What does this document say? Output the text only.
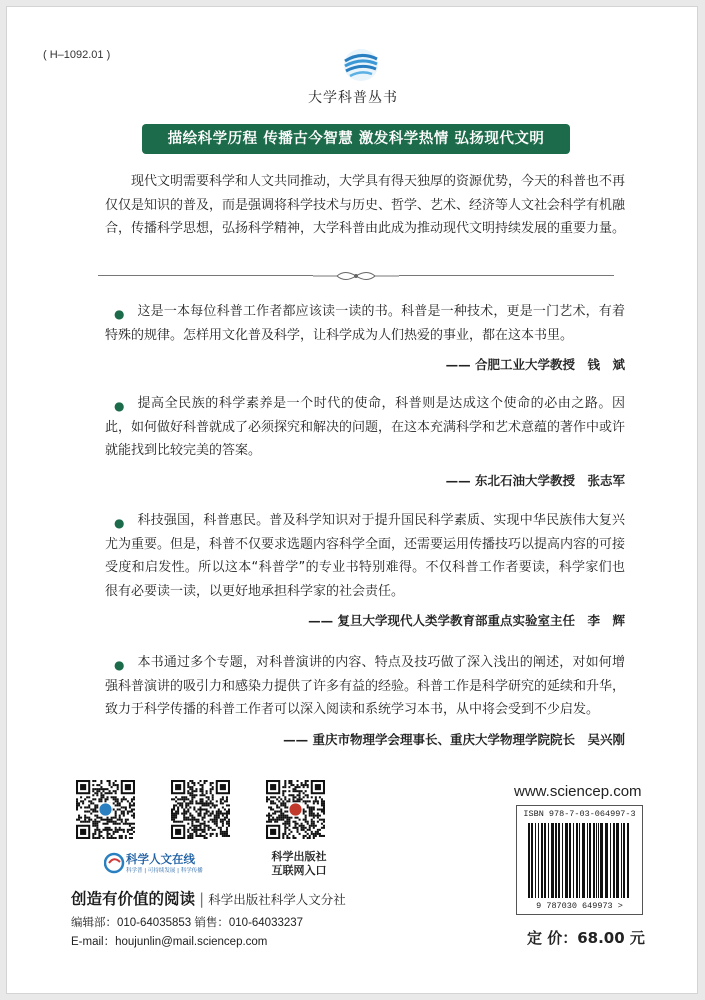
( H–1092.01 )
大学科普丛书
描绘科学历程 传播古今智慧 激发科学热情 弘扬现代文明

现代文明需要科学和人文共同推动，大学具有得天独厚的资源优势，今天的科普也不再仅仅是知识的普及，而是强调将科学技术与历史、哲学、艺术、经济等人文社会科学有机融合，传播科学思想，弘扬科学精神，大学科普由此成为推动现代文明持续发展的重要力量。

●	这是一本每位科普工作者都应该读一读的书。科普是一种技术，更是一门艺术，有着特殊的规律。怎样用文化普及科学，让科学成为人们热爱的事业，都在这本书里。

—— 合肥工业大学教授　钱　斌
●	提高全民族的科学素养是一个时代的使命，科普则是达成这个使命的必由之路。因此，如何做好科普就成了必须探究和解决的问题，在这本充满科学和艺术意蕴的著作中或许就能找到比较完美的答案。

—— 东北石油大学教授　张志军
●	科技强国，科普惠民。普及科学知识对于提升国民科学素质、实现中华民族伟大复兴尤为重要。但是，科普不仅要求选题内容科学全面，还需要运用传播技巧以提高内容的可接受度和启发性。所以这本“科普学”的专业书特别难得。不仅科普工作者要读，科学家们也很有必要读一读，以更好地承担科学家的社会责任。

—— 复旦大学现代人类学教育部重点实验室主任　李　辉
●	本书通过多个专题，对科普演讲的内容、特点及技巧做了深入浅出的阐述，对如何增强科普演讲的吸引力和感染力提供了许多有益的经验。科普工作是科学研究的延续和升华，致力于科学传播的科普工作者可以深入阅读和系统学习本书，从中将会受到不少启发。

—— 重庆市物理学会理事长、重庆大学物理学院院长　吴兴刚
科学人文在线
科学普 | 可持续发展 | 科学传播
科学出版社
互联网入口
创造有价值的阅读 | 科学出版社科学人文分社
编辑部：010-64035853 销售：010-64033237
E-mail：houjunlin@mail.sciencep.com
www.sciencep.com
ISBN 978-7-03-064997-3
9 787030 649973 >
定 价：68.00 元
